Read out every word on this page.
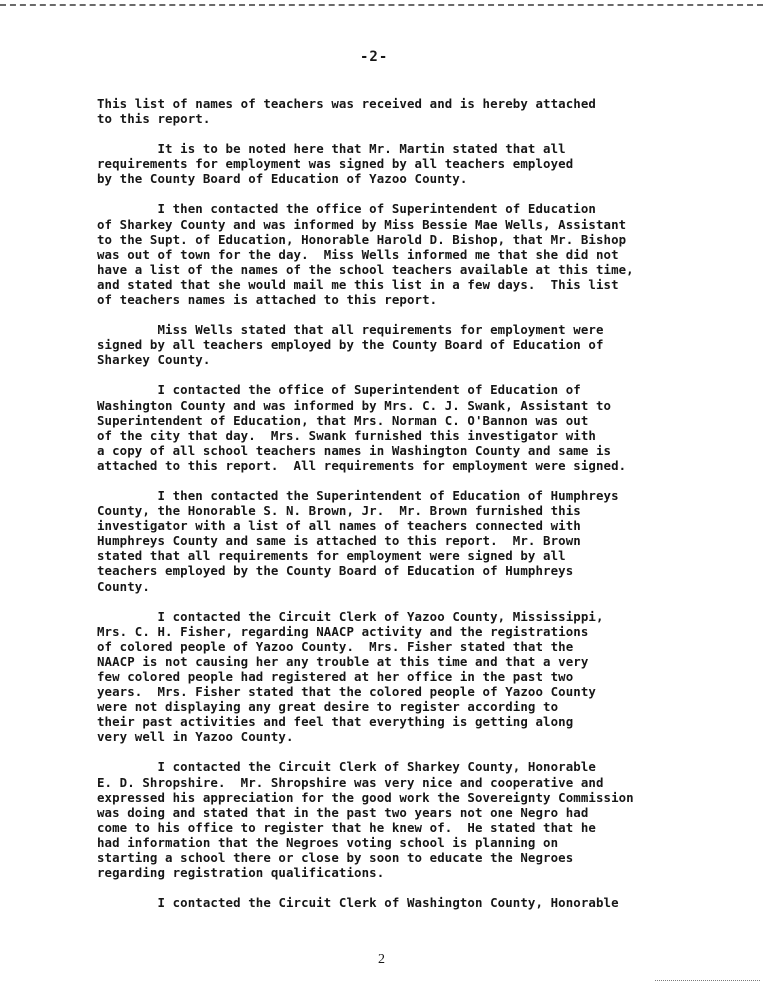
-2-

This list of names of teachers was received and is hereby attached
to this report.

It is to be noted here that Mr. Martin stated that all
requirements for employment was signed by all teachers employed
by the County Board of Education of Yazoo County.

I then contacted the office of Superintendent of Education
of Sharkey County and was informed by Miss Bessie Mae Wells, Assistant
to the Supt. of Education, Honorable Harold D. Bishop, that Mr. Bishop
was out of town for the day.  Miss Wells informed me that she did not
have a list of the names of the school teachers available at this time,
and stated that she would mail me this list in a few days.  This list
of teachers names is attached to this report.

Miss Wells stated that all requirements for employment were
signed by all teachers employed by the County Board of Education of
Sharkey County.

I contacted the office of Superintendent of Education of
Washington County and was informed by Mrs. C. J. Swank, Assistant to
Superintendent of Education, that Mrs. Norman C. O'Bannon was out
of the city that day.  Mrs. Swank furnished this investigator with
a copy of all school teachers names in Washington County and same is
attached to this report.  All requirements for employment were signed.

I then contacted the Superintendent of Education of Humphreys
County, the Honorable S. N. Brown, Jr.  Mr. Brown furnished this
investigator with a list of all names of teachers connected with
Humphreys County and same is attached to this report.  Mr. Brown
stated that all requirements for employment were signed by all
teachers employed by the County Board of Education of Humphreys
County.

I contacted the Circuit Clerk of Yazoo County, Mississippi,
Mrs. C. H. Fisher, regarding NAACP activity and the registrations
of colored people of Yazoo County.  Mrs. Fisher stated that the
NAACP is not causing her any trouble at this time and that a very
few colored people had registered at her office in the past two
years.  Mrs. Fisher stated that the colored people of Yazoo County
were not displaying any great desire to register according to
their past activities and feel that everything is getting along
very well in Yazoo County.

I contacted the Circuit Clerk of Sharkey County, Honorable
E. D. Shropshire.  Mr. Shropshire was very nice and cooperative and
expressed his appreciation for the good work the Sovereignty Commission
was doing and stated that in the past two years not one Negro had
come to his office to register that he knew of.  He stated that he
had information that the Negroes voting school is planning on
starting a school there or close by soon to educate the Negroes
regarding registration qualifications.

I contacted the Circuit Clerk of Washington County, Honorable

2
